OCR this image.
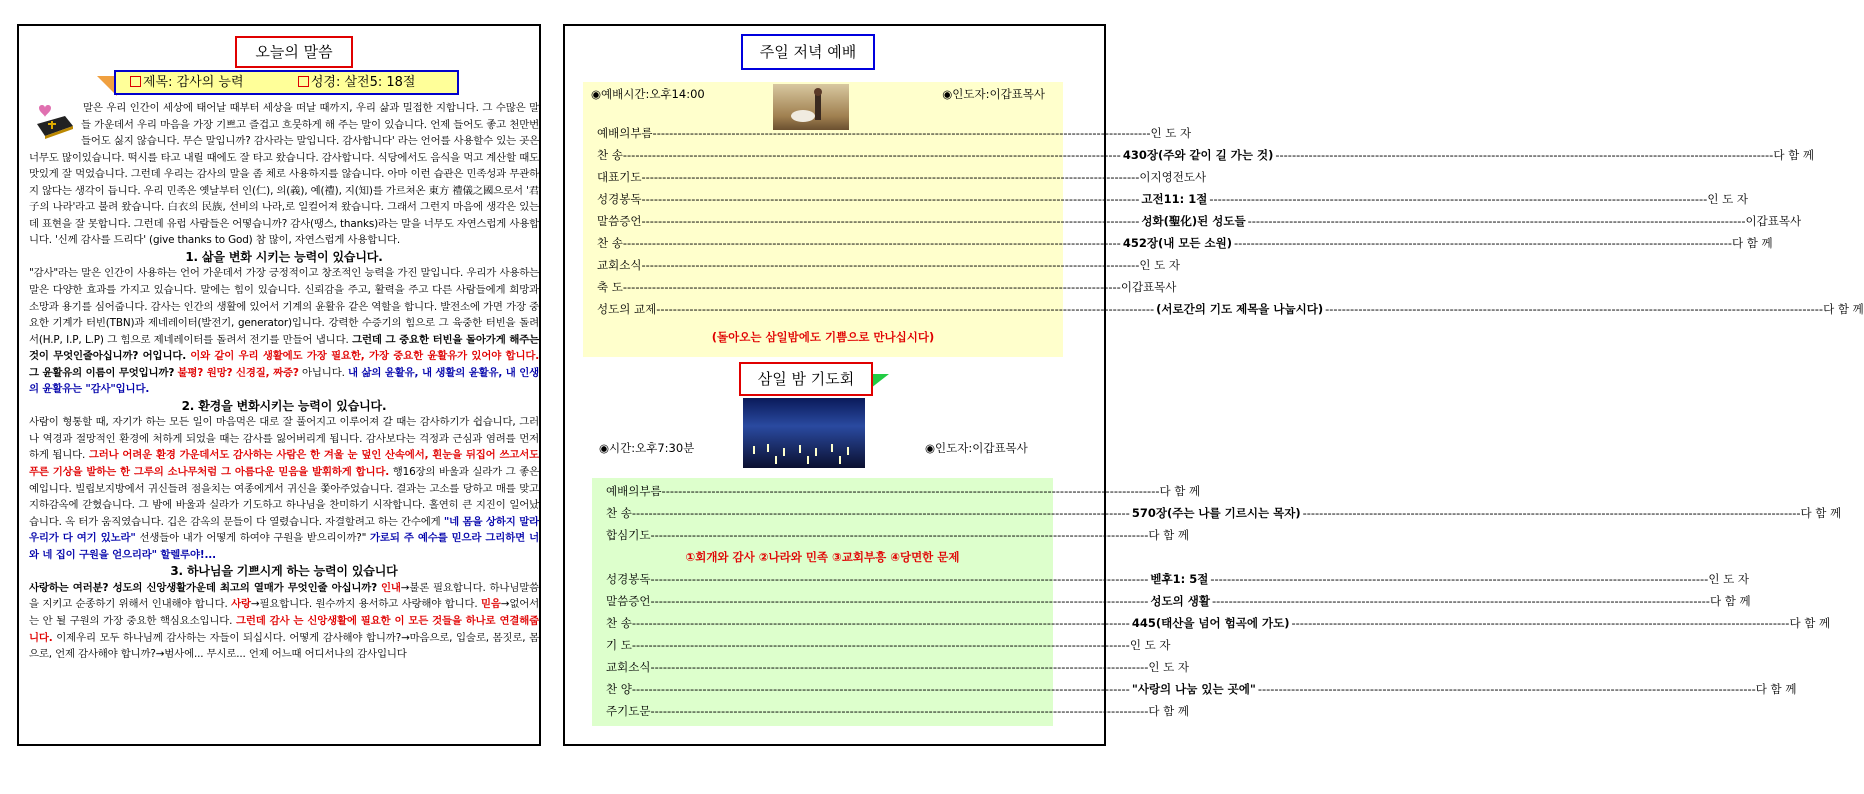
오늘의 말씀
제목: 감사의 능력	성경: 살전5: 18절

말은 우리 인간이 세상에 태어날 때부터 세상을 떠날 때까지, 우리 삶과 밀접한 지합니다. 그 수많은 말들 가운데서 우리 마음을 가장 기쁘고 즐겁고 흐뭇하게 해 주는 말이 있습니다. 언제 들어도 좋고 천만번 들어도 싫지 않습니다. 무슨 말입니까? 감사라는 말입니다. 감사합니다' 라는 언어를 사용할수 있는 곳은 너무도 많이있습니다. 떡시를 타고 내릴 때에도 잘 타고 왔습니다. 감사합니다. 식당에서도 음식을 먹고 계산할 때도 맛있게 잘 먹었습니다. 그런데 우리는 감사의 말을 좀 체로 사용하지를 않습니다. 아마 이런 습관은 민족성과 무관하지 않다는 생각이 듭니다. 우리 민족은 옛날부터 인(仁), 의(義), 예(禮), 지(知)를 가르쳐온 東方 禮儀之國으로서 '君子의 나라'라고 불려 왔습니다. 白衣의 民族, 선비의 나라,로 일컬어져 왔습니다. 그래서 그런지 마음에 생각은 있는데 표현을 잘 못합니다. 그런데 유럽 사람들은 어떻습니까? 감사(땡스, thanks)라는 말을 너무도 자연스럽게 사용합니다. '신께 감사를 드리다' (give thanks to God) 참 많이, 자연스럽게 사용합니다.

1. 삶을 변화 시키는 능력이 있습니다.

"감사"라는 말은 인간이 사용하는 언어 가운데서 가장 긍정적이고 창조적인 능력을 가진 말입니다. 우리가 사용하는 말은 다양한 효과를 가지고 있습니다. 말에는 힘이 있습니다. 신뢰감을 주고, 활력을 주고 다른 사람들에게 희망과 소망과 용기를 심어줍니다. 감사는 인간의 생활에 있어서 기계의 윤활유 같은 역할을 합니다. 발전소에 가면 가장 중요한 기계가 터빈(TBN)과 제네레이터(발전기, generator)입니다. 강력한 수증기의 힘으로 그 육중한 터빈을 돌려서(H.P, I.P, L.P) 그 힘으로 제네레이터를 돌려서 전기를 만들어 냅니다. 그런데 그 중요한 터빈을 돌아가게 해주는것이 무엇인줄아십니까? 어입니다. 이와 같이 우리 생활에도 가장 필요한, 가장 중요한 윤활유가 있어야 합니다. 그 윤활유의 이름이 무엇입니까? 불평? 원망? 신경질, 짜증? 아닙니다. 내 삶의 윤활유, 내 생활의 윤활유, 내 인생의 윤활유는 "감사"입니다.

2. 환경을 변화시키는 능력이 있습니다.

사람이 형통할 때, 자기가 하는 모든 일이 마음먹은 대로 잘 풀어지고 이루어져 갈 때는 감사하기가 쉽습니다, 그러나 역경과 절망적인 환경에 처하게 되었을 때는 감사를 잃어버리게 됩니다. 감사보다는 걱정과 근심과 염려를 먼저 하게 됩니다. 그러나 어려운 환경 가운데서도 감사하는 사람은 한 겨울 눈 덮인 산속에서, 흰눈을 뒤집어 쓰고서도 푸른 기상을 발하는 한 그루의 소나무처럼 그 아름다운 믿음을 발휘하게 합니다. 행16장의 바울과 실라가 그 좋은 예입니다. 빌립보지방에서 귀신들려 점을치는 여종에게서 귀신을 쫓아주었습니다. 결과는 고소를 당하고 매를 맞고 지하감옥에 갇혔습니다. 그 밤에 바울과 실라가 기도하고 하나님을 찬미하기 시작합니다. 홀연히 큰 지진이 일어났습니다. 옥 터가 움직였습니다. 깁은 감옥의 문들이 다 열렸습니다. 자결할려고 하는 간수에게 "네 몸을 상하지 말라 우리가 다 여기 있노라" 선생들아 내가 어떻게 하여야 구원을 받으리이까?" 가로되 주 예수를 믿으라 그리하면 너와 네 집이 구원을 얻으리라" 할렐루야!...

3. 하나님을 기쁘시게 하는 능력이 있습니다

사랑하는 여러분? 성도의 신앙생활가운데 최고의 열매가 무엇인줄 아십니까? 인내→불론 필요합니다. 하나님말씀을 지키고 순종하기 위해서 인내해야 합니다. 사랑→필요합니다. 원수까지 용서하고 사랑해야 합니다. 믿음→없어서는 안 될 구원의 가장 중요한 핵심요소입니다. 그런데 감사 는 신앙생활에 필요한 이 모든 것들을 하나로 연결해줍니다. 이제우리 모두 하나님께 감사하는 자들이 되십시다. 어떻게 감사해야 합니까?→마음으로, 입술로, 몸짓로, 몸으로, 언제 감사해야 합니까?→범사에... 무시로... 언제 어느때 어디서나의 감사입니다

주일 저녁 예배
◉예배시간:오후14:00	◉인도자:이갑표목사
예배의부름 ------------------------------------------------------------------------------------------------------------------------ 인 도 자
찬 송 ------------------------------------------------------------------------------------------------------------------------ 430장(주와 같이 길 가는 것) ------------------------------------------------------------------------------------------------------------------------ 다 함 께
대표기도 ------------------------------------------------------------------------------------------------------------------------ 이지영전도사
성경봉독 ------------------------------------------------------------------------------------------------------------------------ 고전11: 1절 ------------------------------------------------------------------------------------------------------------------------ 인 도 자
말씀증언 ------------------------------------------------------------------------------------------------------------------------ 성화(聖化)된 성도들 ------------------------------------------------------------------------------------------------------------------------ 이갑표목사
찬 송 ------------------------------------------------------------------------------------------------------------------------ 452장(내 모든 소원) ------------------------------------------------------------------------------------------------------------------------ 다 함 께
교회소식 ------------------------------------------------------------------------------------------------------------------------ 인 도 자
축 도 ------------------------------------------------------------------------------------------------------------------------ 이갑표목사
성도의 교제 ------------------------------------------------------------------------------------------------------------------------ (서로간의 기도 제목을 나눕시다) ------------------------------------------------------------------------------------------------------------------------ 다 함 께
(돌아오는 삼일밤에도 기쁨으로 만나십시다)
삼일 밤 기도회
◉시간:오후7:30분	◉인도자:이갑표목사
예배의부름 ------------------------------------------------------------------------------------------------------------------------ 다 함 께
찬 송 ------------------------------------------------------------------------------------------------------------------------ 570장(주는 나를 기르시는 목자) ------------------------------------------------------------------------------------------------------------------------ 다 함 께
합심기도 ------------------------------------------------------------------------------------------------------------------------ 다 함 께
①회개와 감사 ②나라와 민족 ③교회부흥 ④당면한 문제
성경봉독 ------------------------------------------------------------------------------------------------------------------------ 벧후1: 5절 ------------------------------------------------------------------------------------------------------------------------ 인 도 자
말씀증언 ------------------------------------------------------------------------------------------------------------------------ 성도의 생활 ------------------------------------------------------------------------------------------------------------------------ 다 함 께
찬 송 ------------------------------------------------------------------------------------------------------------------------ 445(태산을 넘어 험곡에 가도) ------------------------------------------------------------------------------------------------------------------------ 다 함 께
기 도 ------------------------------------------------------------------------------------------------------------------------ 인 도 자
교회소식 ------------------------------------------------------------------------------------------------------------------------ 인 도 자
찬 양 ------------------------------------------------------------------------------------------------------------------------ "사랑의 나눔 있는 곳에" ------------------------------------------------------------------------------------------------------------------------ 다 함 께
주기도문 ------------------------------------------------------------------------------------------------------------------------ 다 함 께
